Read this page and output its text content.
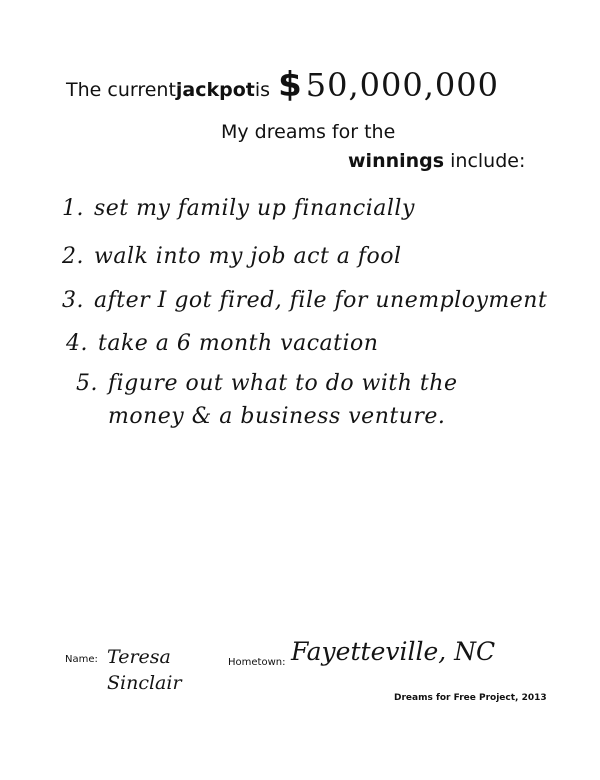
The current jackpot is $ 50,000,000
My dreams for the
winnings include:
1. set my family up financially
2. walk into my job act a fool
3. after I got fired, file for unemployment
4. take a 6 month vacation
5. figure out what to do with the
money & a business venture.
Name: Teresa
Sinclair
Hometown: Fayetteville, NC
Dreams for Free Project, 2013
